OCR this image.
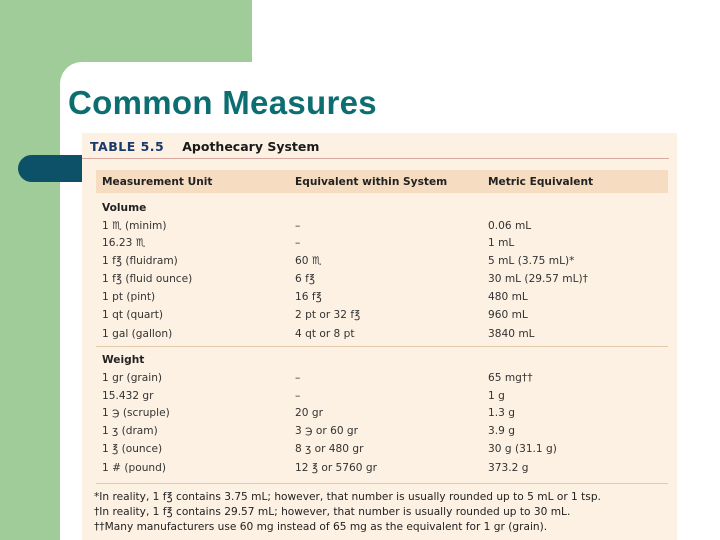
Common Measures
TABLE 5.5 Apothecary System
Measurement Unit	Equivalent within System	Metric Equivalent
Volume
1 ♏ (minim)	–	0.06 mL
16.23 ♏	–	1 mL
1 f℥ (fluidram)	60 ♏	5 mL (3.75 mL)*
1 f℥ (fluid ounce)	6 f℥	30 mL (29.57 mL)†
1 pt (pint)	16 f℥	480 mL
1 qt (quart)	2 pt or 32 f℥	960 mL
1 gal (gallon)	4 qt or 8 pt	3840 mL
Weight
1 gr (grain)	–	65 mg††
15.432 gr	–	1 g
1 ℈ (scruple)	20 gr	1.3 g
1 ʒ (dram)	3 ℈ or 60 gr	3.9 g
1 ℥ (ounce)	8 ʒ or 480 gr	30 g (31.1 g)
1 # (pound)	12 ℥ or 5760 gr	373.2 g
*In reality, 1 f℥ contains 3.75 mL; however, that number is usually rounded up to 5 mL or 1 tsp.
†In reality, 1 f℥ contains 29.57 mL; however, that number is usually rounded up to 30 mL.
††Many manufacturers use 60 mg instead of 65 mg as the equivalent for 1 gr (grain).
